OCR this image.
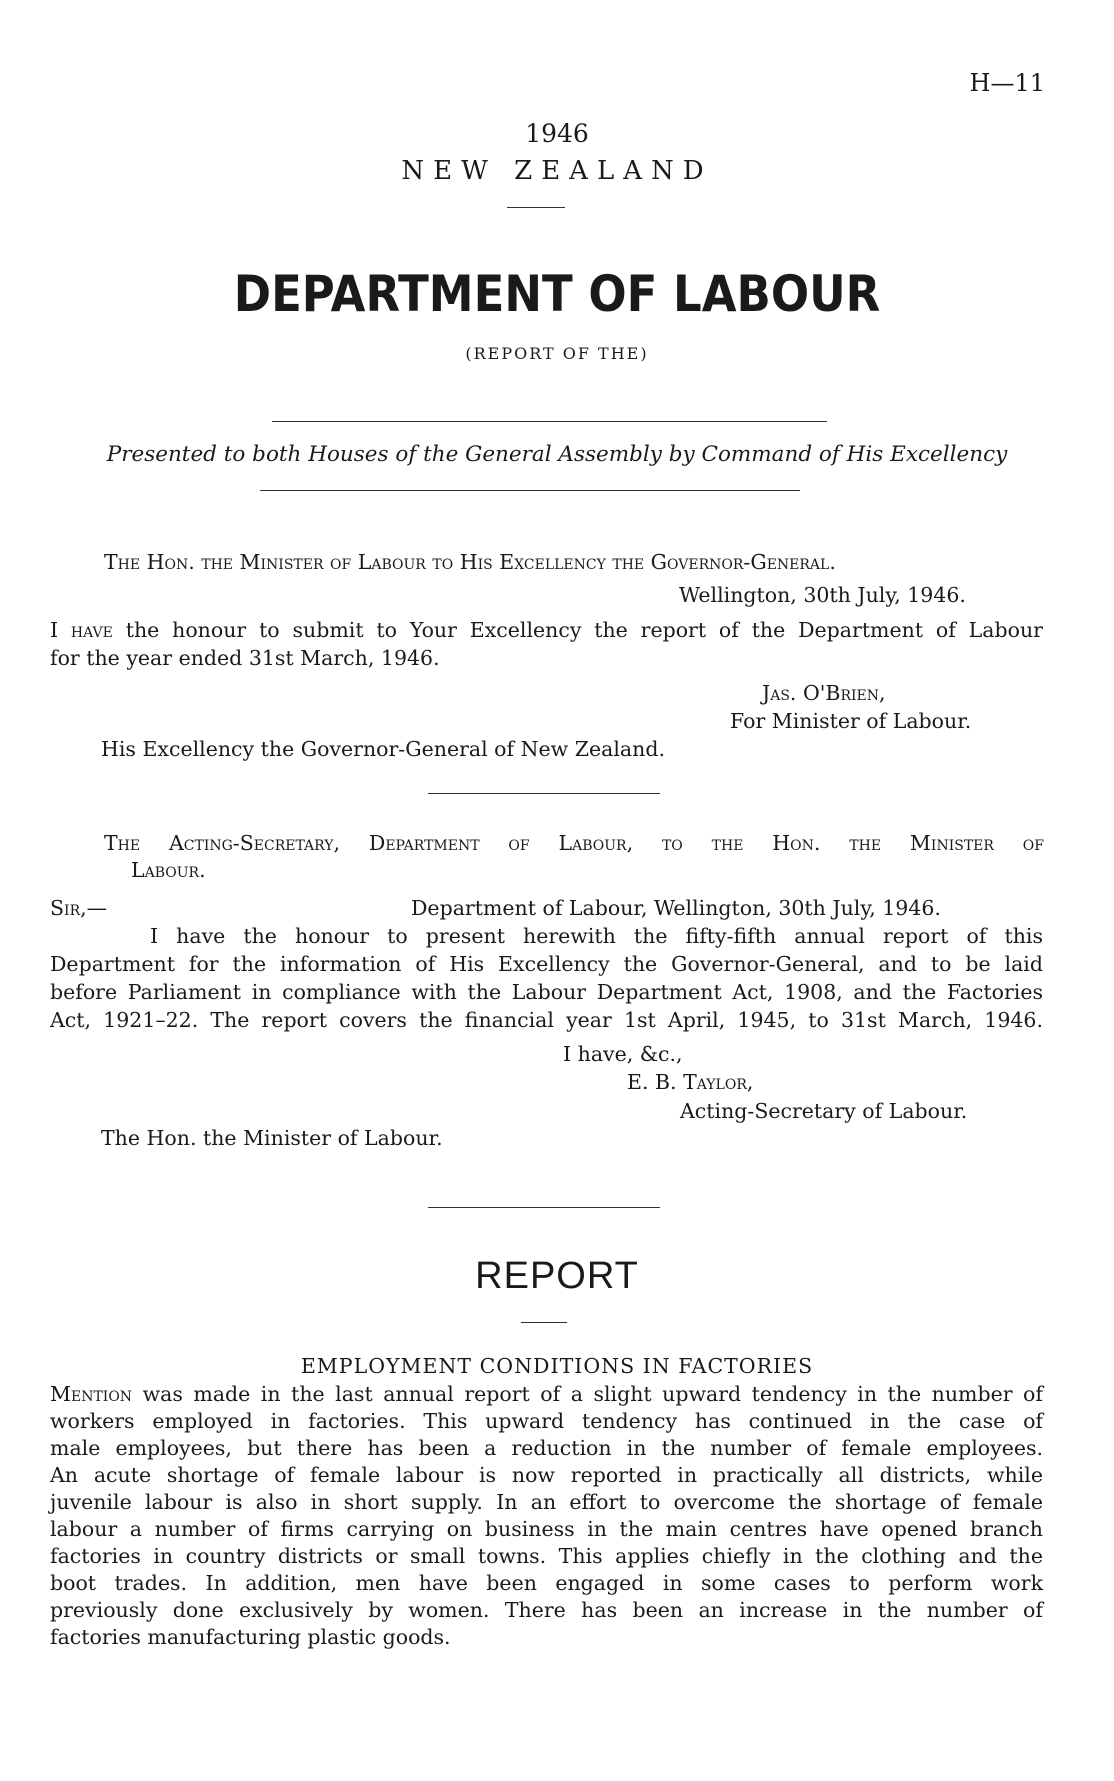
H—11
1946
NEW ZEALAND
DEPARTMENT OF LABOUR
(REPORT OF THE)
Presented to both Houses of the General Assembly by Command of His Excellency
The Hon. the Minister of Labour to His Excellency the Governor-General.
Wellington, 30th July, 1946.
I have the honour to submit to Your Excellency the report of the Department of Labour
for the year ended 31st March, 1946.
Jas. O'Brien,
For Minister of Labour.
His Excellency the Governor-General of New Zealand.
The Acting-Secretary, Department of Labour, to the Hon. the Minister of
Labour.
Sir,—	Department of Labour, Wellington, 30th July, 1946.
I have the honour to present herewith the fifty-fifth annual report of this
Department for the information of His Excellency the Governor-General, and to be laid
before Parliament in compliance with the Labour Department Act, 1908, and the Factories
Act, 1921–22. The report covers the financial year 1st April, 1945, to 31st March, 1946.
I have, &c.,
E. B. Taylor,
Acting-Secretary of Labour.
The Hon. the Minister of Labour.
REPORT
EMPLOYMENT CONDITIONS IN FACTORIES
Mention was made in the last annual report of a slight upward tendency in the number of
workers employed in factories. This upward tendency has continued in the case of
male employees, but there has been a reduction in the number of female employees.
An acute shortage of female labour is now reported in practically all districts, while
juvenile labour is also in short supply. In an effort to overcome the shortage of female
labour a number of firms carrying on business in the main centres have opened branch
factories in country districts or small towns. This applies chiefly in the clothing and the
boot trades. In addition, men have been engaged in some cases to perform work
previously done exclusively by women. There has been an increase in the number of
factories manufacturing plastic goods.
